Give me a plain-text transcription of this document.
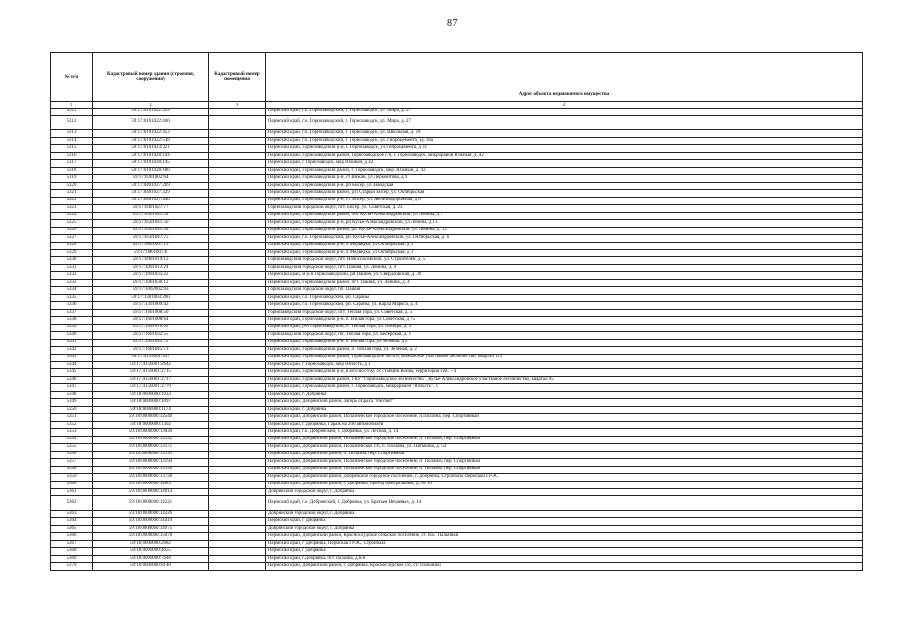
87
№ п/п	Кадастровый номер здания (строения, сооружения)	Кадастровый номер помещения	Адрес объекта недвижимого имущества
1	2	3	4
5311	59:17:0101022:439		Пермский край, г.о. Горнозаводский, г. Горнозаводск, ул. Мира, д. 27
5312	59:17:0101022:440		Пермский край, г.о. Горнозаводский, г. Горнозаводск, ул. Мира, д. 27
5313	59:17:0101022:453		Пермский край, г.о. Горнозаводский, г. Горнозаводск, ул. Школьная, д. 18
5314	59:17:0101022:538		Пермский край, г.о. Горнозаводский, г. Горнозаводск, ул. Гипроцементa, зд. 36а
5315	59:17:0101023:321		Пермский край, Горнозаводский р-н, г. Горнозаводск, ул Гипроцемента, д 31
5316	59:17:0101028:144		Пермский край, Горнозаводский район, Горнозаводское г/п, г. Горнозаводск, микрорайон Южный, д. 42
5317	59:17:0101028:145		Пермский край, г Горнозаводск, мкр Южный, д 42
5318	59:17:0101028:186		Пермский край, Горнозаводский район, г. Горнозаводск, мкр. Южный, д. 42
5319	59:17:0301002:64		Пермский край, Горнозаводский р-н, ст Вижай, ул Лермонтова, д 9
5320	59:17:0401027:269		Пермский край, Горнозаводский р-н, рп Бисер, ул Заводская
5321	59:17:0401027:329		Пермский край, Горнозаводский район, р/п Старый Бисер, ул. Октябрьская
5322	59:17:0401027:440		Пермский край, Горнозаводский р-н, ст. Бисер, ул. Железнодорожная, д 8
5323	59:17:0401027:77		Горнозаводский городской округ, пгт. Бисер, ул. Советская, д. 23
5324	59:17:0501041:34		Пермский край, Горнозаводский район, пос Кусье-Александровский, ул Ленина, д 7
5325	59:17:0501041:50		Пермский край, Горнозаводский р-н, рп Кусье-Александровский, ул Ленина, д 13
5326	59:17:0501041:58		Пермский край, Горнозаводский район, рп. Кусье-Александровский, ул. Ленина, д. 13
5327	59:17:0501047:75		Пермский край, г.о. Горнозаводский, рп. Кусье-Александровский, ул. Октябрьская, д. 6
5328	59:17:0801007:13		Пермский край, Горнозаводский р-н, п Медведка, ул Октябрьская, д 3
5329	59:17:0801007:6		Пермский край, Горнозаводский р-н, п Медведка, ул Октябрьская, д 3
5330	59:17:0901019:13		Горнозаводский городской округ, пгт. Новоспасовский, ул. Строителей, д. 5
5331	59:17:1001013:24		Горнозаводский городской округ, пгт. Пашия, ул. Ленина, д. 4
5332	59:17:1001035:22		Пермский край, м р-н Горнозаводский, рп Пашия, ул. Свердловская, д. 39
5333	59:17:1001036:12		Пермский край, Горнозаводский район, пгт. Пашия, ул. Ленина, д. 4
5334	59:17:1002002:93		Горнозаводский городской округ, пп. Пашия
5335	59:17:1301003:390		Пермский край, г.о. Горнозаводский, рп. Сараны
5336	59:17:1301009:42		Пермский край, г.о. Горнозаводский, рп. Сараны, ул. Карла Маркса, д. 4
5337	59:17:1601008:50		Горнозаводский городской округ, пгт. Теплая гора, ул. Советская, д. 5
5338	59:17:1601008:64		Пермский край, Горнозаводский р-н, п Теплая гора, ул Советская, д 75
5339	59:17:1601010:62		Пермский край, р-н Горнозаводский, п. Теплая гора, ул. Победы, д. 3
5340	59:17:1601032:55		Горнозаводский городской округ, пп. Теплая гора, ул. Бисерская, д. 1
5341	59:17:1601045:72		Пермский край, Горнозаводский р-н, п Теплая гора, ул Зеленая, д 2
5342	59:17:1601045:73		Пермский край, Горнозаводский район, п. Теплая гора, ул. Зеленая, д. 2
5343	59:17:4153001:497		Пермский край, Горнозаводский район, Горнозаводское лесхоз, Вижайское участковое лесничество, квартал 113
5344	59:17:4156001:2642		Пермский край, г Горнозаводск, мкр Юность, д 1
5345	59:17:4156001:2715		Пермский край, Горнозаводский р-н, в юго-востоку от станции Койва, территория ГКС - 4
5346	59:17:4156001:2717		Пермский край, Горнозаводский район, ГКУ "Горнозаводское лесничество", Кусье-Александровское участковое лесничество, квартал 95
5347	59:17:4156001:2779		Пермский край, Горнозаводский район, г. Горнозаводск, микрорайон "Юность", 1
5348	59:18:0000000:1033		Пермский край, г. Добрянка
5349	59:18:0000000:1097		Пермский край, Добрянский район, лагерь отдыха "Рассвет"
5350	59:18:0000000:1174		Пермский край, г. Добрянка
5351	59:18:0000000:12540		Пермский край, Добрянский район, Полазненское городское поселение, п.Полазна, пер. Спортивный
5352	59:18:0000000:1302		Пермский край, г Добрянка, Гараж на 200 автомобилей
5353	59:18:0000000:13039		Пермский край, г.о. Добрянский, г. Добрянка, ул. Лесная, д. 14
5354	59:18:0000000:13122		Пермский край, Добрянский район, Полазненское городское поселение, п. Полазна, пер. Спортивный
5355	59:18:0000000:13171		Пермский край, Добрянский район, Полазненское г/п, п. Полазна, ул. Пятькина, д. 54
5356	59:18:0000000:13193		Пермский край, Добрянский район, п. Полазна, пер. Спортивный
5357	59:18:0000000:13194		Пермский край, Добрянский район, Полазненское городское поселение, п. Полазна, пер. Спортивный
5358	59:18:0000000:13195		Пермский край, Добрянский район, Полазненское городское поселение, п. Полазна, пер. Спортивный
5359	59:18:0000000:13728		Пермский край, Добрянский район, Добрянское городское поселение, г. Добрянка, Стройбаза Пермской ГРЭС
5360	59:18:0000000:14007		Пермский край, Добрянский район, г. Добрянка, проезд Центральный, д. № 10
5361	59:18:0000000:14014		Добрянский городской округ, г. Добрянка
5362	59:18:0000000:14221		Пермский край, г.о. Добрянский, г. Добрянка, ул. Братьев Нечаевых, д. 14
5363	59:18:0000000:14326		Добрянский городской округ, г. Добрянка
5364	59:18:0000000:14419		Пермский край, г Добрянка
5365	59:18:0000000:14975		Добрянский городской округ, г. Добрянка
5366	59:18:0000000:15078		Пермский край, Добрянский район, Краснослудское сельское поселение, ст. пос. Пальники
5367	59:18:0000000:2682		Пермский край, г Добрянка, Пермская ГРЭС, Стройбаза
5368	59:18:0000000:4055		Пермский край, г Добрянка
5369	59:18:0000000:7648		Пермский край, г.Добрянка, пгт Полазна, д.б/н
5370	59:18:0000000:8148		Пермский край, Добрянский район, г. Добрянка, Краснослудское с/п, ст/ Пальники
